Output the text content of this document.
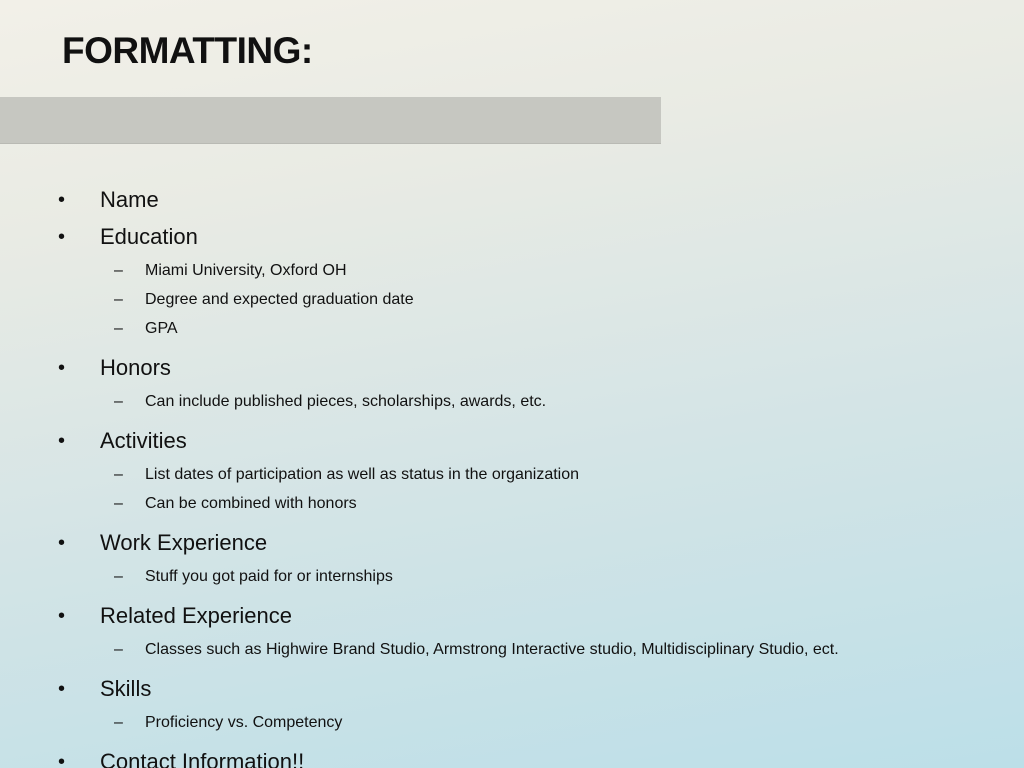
FORMATTING:
•	Name
•	Education
– Miami University, Oxford OH
– Degree and expected graduation date
– GPA
•	Honors
– Can include published pieces, scholarships, awards, etc.
•	Activities
– List dates of participation as well as status in the organization
– Can be combined with honors
•	Work Experience
– Stuff you got paid for or internships
•	Related Experience
– Classes such as Highwire Brand Studio, Armstrong Interactive studio, Multidisciplinary Studio, ect.
•	Skills
– Proficiency vs. Competency
•	Contact Information!!
